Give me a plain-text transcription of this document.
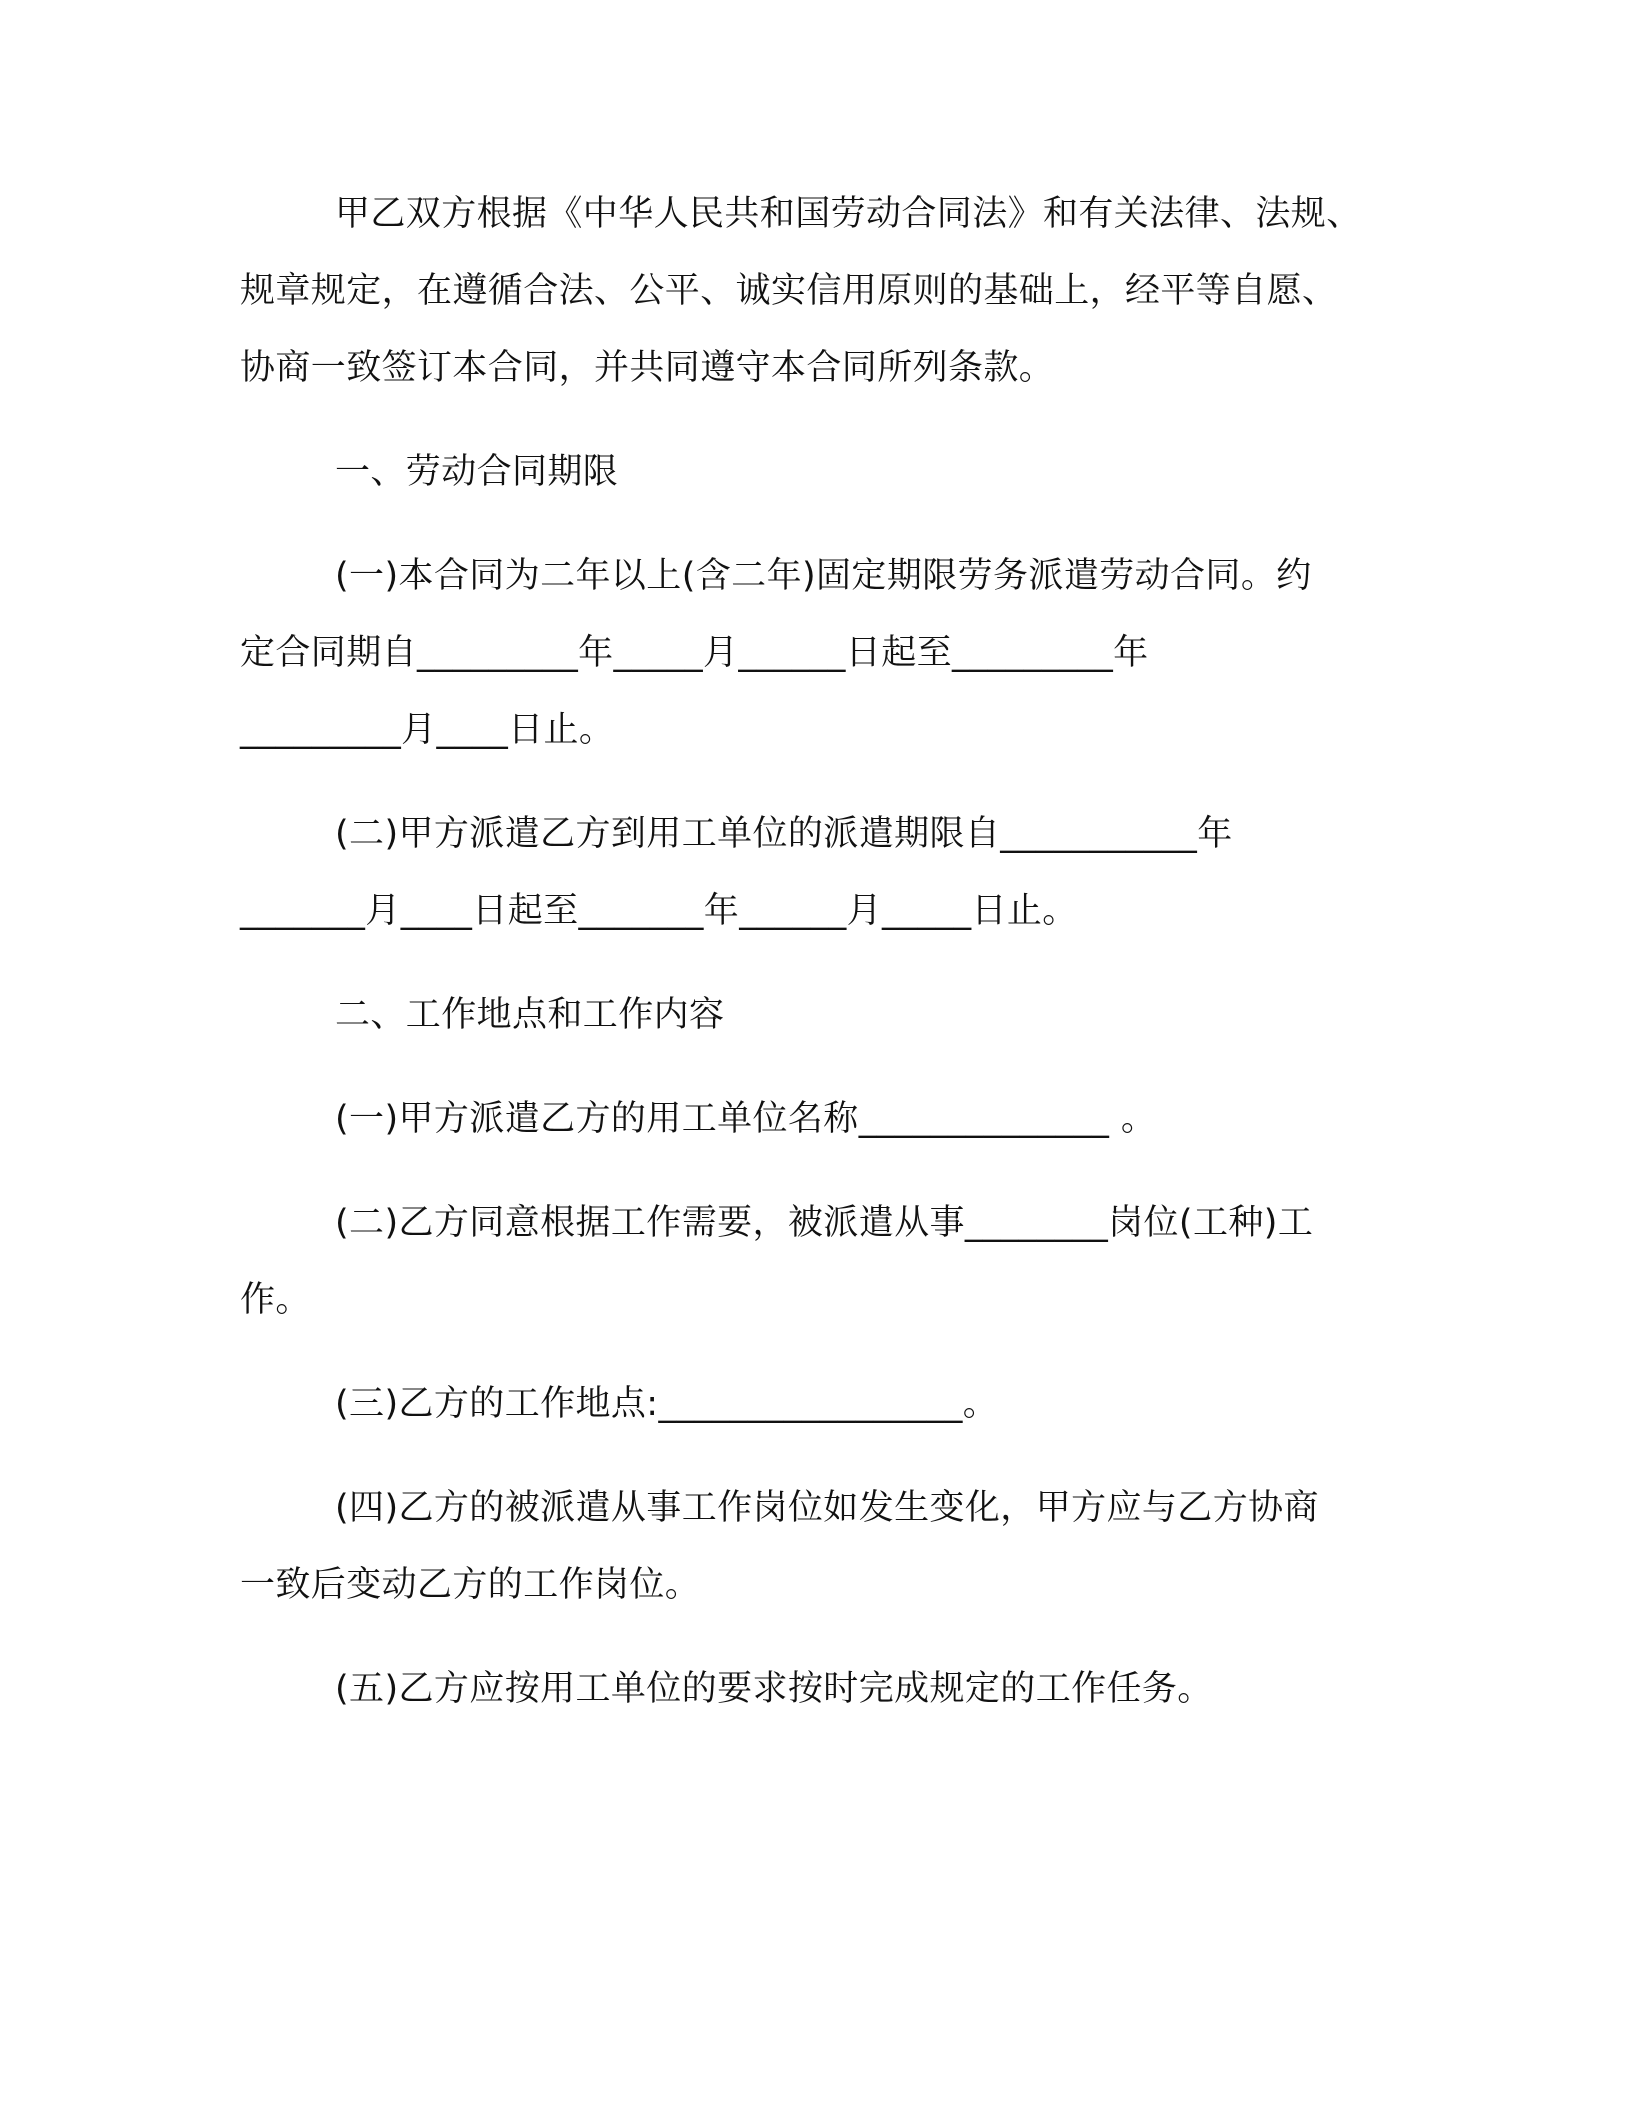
甲乙双方根据《中华人民共和国劳动合同法》和有关法律、法规、
规章规定，在遵循合法、公平、诚实信用原则的基础上，经平等自愿、
协商一致签订本合同，并共同遵守本合同所列条款。
一、劳动合同期限
(一)本合同为二年以上(含二年)固定期限劳务派遣劳动合同。约
定合同期自_________年_____月______日起至_________年
_________月____日止。
(二)甲方派遣乙方到用工单位的派遣期限自___________年
_______月____日起至_______年______月_____日止。
二、工作地点和工作内容
(一)甲方派遣乙方的用工单位名称______________ 。
(二)乙方同意根据工作需要，被派遣从事________岗位(工种)工
作。
(三)乙方的工作地点:_________________。
(四)乙方的被派遣从事工作岗位如发生变化，甲方应与乙方协商
一致后变动乙方的工作岗位。
(五)乙方应按用工单位的要求按时完成规定的工作任务。
